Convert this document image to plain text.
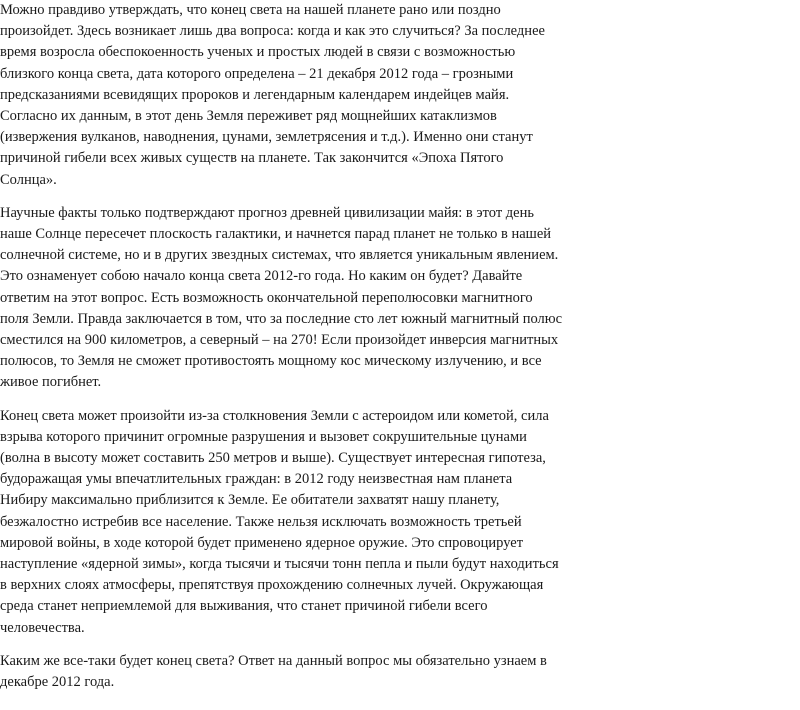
Можно правдиво утверждать, что конец света на нашей планете рано или поздно
произойдет. Здесь возникает лишь два вопроса: когда и как это случиться? За последнее
время возросла обеспокоенность ученых и простых людей в связи с возможностью
близкого конца света, дата которого определена – 21 декабря 2012 года – грозными
предсказаниями всевидящих пророков и легендарным календарем индейцев майя.
Согласно их данным, в этот день Земля переживет ряд мощнейших катаклизмов
(извержения вулканов, наводнения, цунами, землетрясения и т.д.). Именно они станут
причиной гибели всех живых существ на планете. Так закончится «Эпоха Пятого
Солнца».

Научные факты только подтверждают прогноз древней цивилизации майя: в этот день
наше Солнце пересечет плоскость галактики, и начнется парад планет не только в нашей
солнечной системе, но и в других звездных системах, что является уникальным явлением.
Это ознаменует собою начало конца света 2012-го года. Но каким он будет? Давайте
ответим на этот вопрос. Есть возможность окончательной переполюсовки магнитного
поля Земли. Правда заключается в том, что за последние сто лет южный магнитный полюс
сместился на 900 километров, а северный – на 270! Если произойдет инверсия магнитных
полюсов, то Земля не сможет противостоять мощному кос мическому излучению, и все
живое погибнет.

Конец света может произойти из-за столкновения Земли с астероидом или кометой, сила
взрыва которого причинит огромные разрушения и вызовет сокрушительные цунами
(волна в высоту может составить 250 метров и выше). Существует интересная гипотеза,
будоражащая умы впечатлительных граждан: в 2012 году неизвестная нам планета
Нибиру максимально приблизится к Земле. Ее обитатели захватят нашу планету,
безжалостно истребив все население. Также нельзя исключать возможность третьей
мировой войны, в ходе которой будет применено ядерное оружие. Это спровоцирует
наступление «ядерной зимы», когда тысячи и тысячи тонн пепла и пыли будут находиться
в верхних слоях атмосферы, препятствуя прохождению солнечных лучей. Окружающая
среда станет неприемлемой для выживания, что станет причиной гибели всего
человечества.

Каким же все-таки будет конец света? Ответ на данный вопрос мы обязательно узнаем в
декабре 2012 года.
